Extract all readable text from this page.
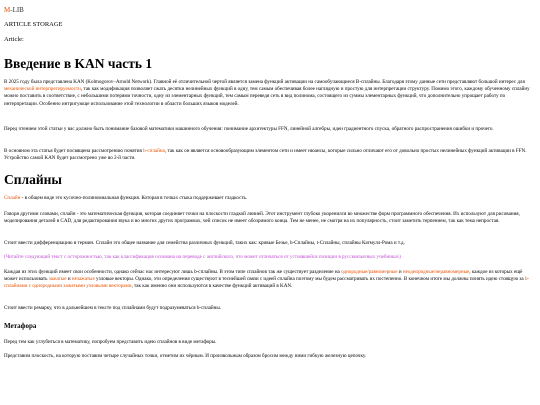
M-LIB
ARTICLE STORAGE
Article:
Введение в KAN часть 1
В 2025 году была представлена KAN (Kolmogorov–Arnold Network). Главной её отличительной чертой является замена функций активации на самообучающиеся B-сплайны. Благодаря этому данные сети представляют большой интерес для механической интерпретируемости, так как модификация позволяет сжать десятки нелинейных функций в одну, тем самым обеспечивая более наглядную и простую для интерпретации структуру. Помимо этого, каждому обученному сплайну можно поставить в соответствие, с небольшими потерями точности, одну из элементарных функций, тем самым переведя сеть в вид полинома, состоящего из суммы элементарных функций, что дополнительно упрощает работу по интерпретации. Особенно интригующе использование этой технологии в области больших языков моделей.
Перед чтением этой статьи у вас должно быть понимание базовой математики машинного обучения: понимание архитектуры FFN, линейной алгебры, идеи градиентного спуска, обратного распространения ошибки и прочего.
В основном эта статья будет посвящена рассмотрению понятия b-сплайна, так как он является основообразующим элементом сети и имеет нюансы, которые сильно отличают его от довольно простых нелинейных функций активации в FFN. Устройство самой KAN будет рассмотрено уже во 2-й части.
Сплайны
Сплайн - в общем виде это кусочно-полиномиальная функция. Которая в точках стыка поддерживает гладкость.
Говоря другими словами, сплайн - это математическая функция, которая соединяет точки на плоскости гладкой линией. Этот инструмент глубоко укоренился во множестве форм программного обеспечения. Их используют для рисования, моделирования деталей в CAD, для редактирования звука и во многих других программах, чей список не имеет обозримого конца. Тем не менее, не смотря на их популярность, стоит заметить терпением, так как тема непростая.
Стоит ввести дифференциацию в термин. Сплайн это общее название для семейства различных функций, таких как: кривые Безье, b-Сплайны, t-Сплайны, сплайны Катмулл-Рома и т.д.
(Читайте следующий текст с осторожностью, так как классификация основана на переводе с английского, что может отличаться от устоявшейся позиции в русскоязычных учебниках)
Каждая из этих функций имеет свои особенности, однако сейчас нас интересуют лишь b-сплайны. В этом типе сплайнов так же существует разделение на однородные/равномерные и неоднородные/неравномерные, каждое из которых ещё может использовать зажатые и незажатые узловые векторы. Однако, эти определения существуют в теснейшей связи с идеей сплайна поэтому мы будем рассматривать их постепенно. В конечном итоге мы должны понять идею стоящую за b-сплайнами с однородными зажатыми узловыми векторами, так как именно они используются в качестве функций активаций в KAN.
Стоит ввести ремарку, что в дальнейшем в тексте под сплайнами будут подразумеваться b-сплайны.
Метафора
Перед тем как углубиться в математику, попробуем представить идею сплайнов в виде метафоры.
Представим плоскость, на которую поставим четыре случайных точки, отметим их чёрным. И произвольным образом бросим между ними гибкую железную цепочку.
